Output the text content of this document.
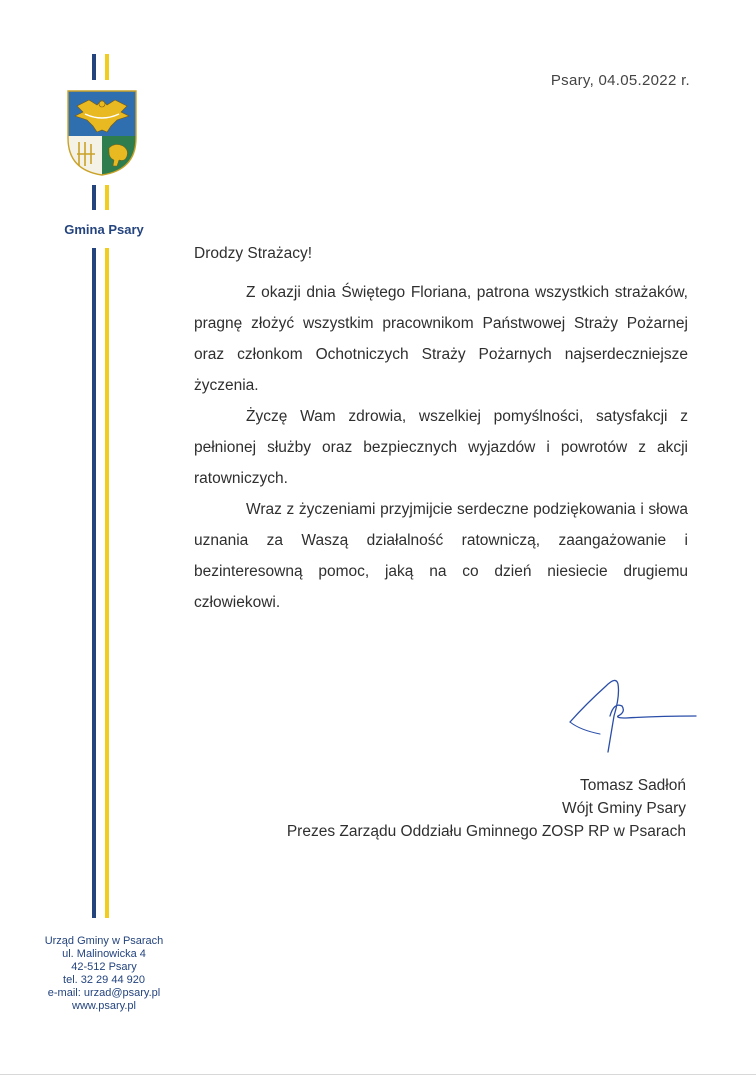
Gmina Psary
Psary, 04.05.2022 r.

Drodzy Strażacy!

Z okazji dnia Świętego Floriana, patrona wszystkich strażaków, pragnę złożyć wszystkim pracownikom Państwowej Straży Pożarnej oraz członkom Ochotniczych Straży Pożarnych najserdeczniejsze życzenia.

Życzę Wam zdrowia, wszelkiej pomyślności, satysfakcji z pełnionej służby oraz bezpiecznych wyjazdów i powrotów z akcji ratowniczych.

Wraz z życzeniami przyjmijcie serdeczne podziękowania i słowa uznania za Waszą działalność ratowniczą, zaangażowanie i bezinteresowną pomoc, jaką na co dzień niesiecie drugiemu człowiekowi.

Tomasz Sadłoń
Wójt Gminy Psary
Prezes Zarządu Oddziału Gminnego ZOSP RP w Psarach
Urząd Gminy w Psarach
ul. Malinowicka 4
42-512 Psary
tel. 32 29 44 920
e-mail: urzad@psary.pl
www.psary.pl
